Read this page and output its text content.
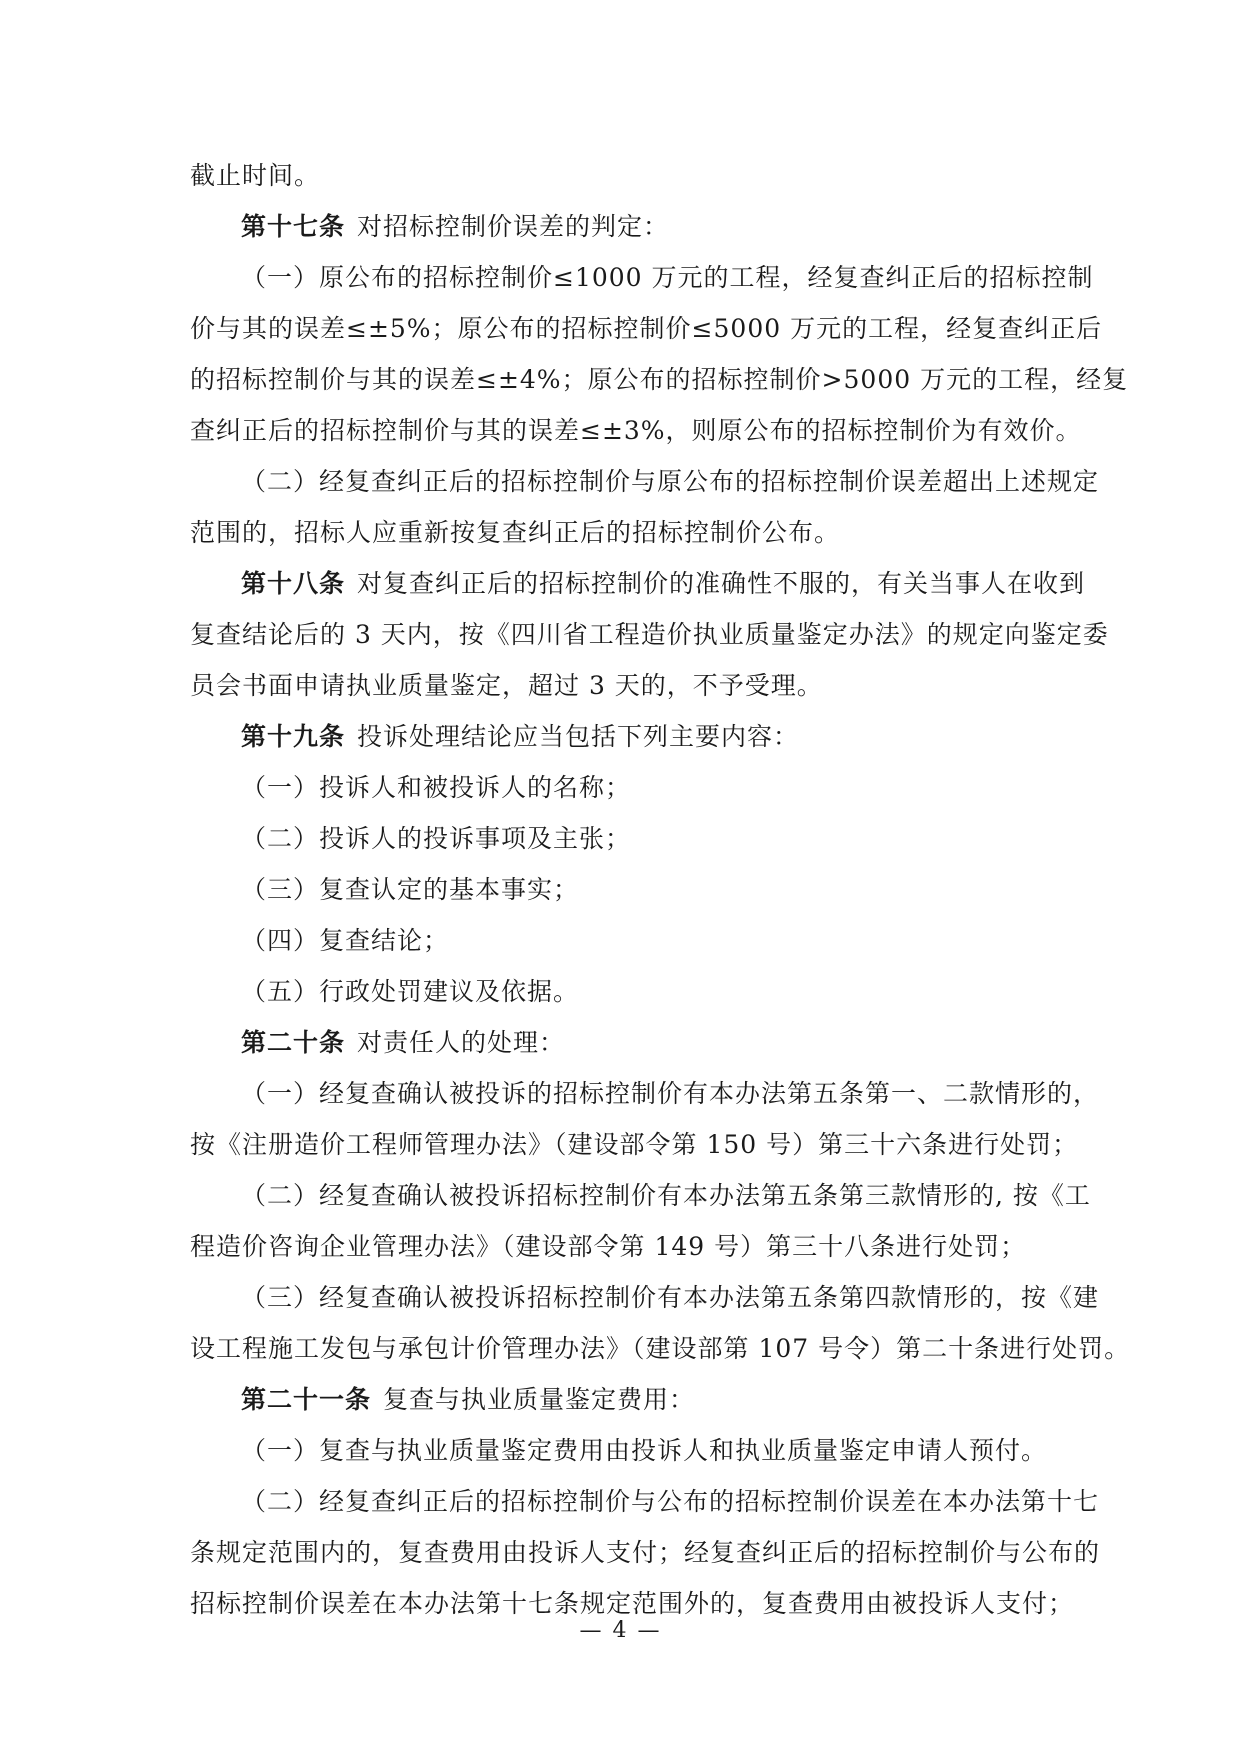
截止时间。
第十七条 对招标控制价误差的判定：
（一）原公布的招标控制价≤1000 万元的工程，经复查纠正后的招标控制
价与其的误差≤±5%；原公布的招标控制价≤5000 万元的工程，经复查纠正后
的招标控制价与其的误差≤±4%；原公布的招标控制价>5000 万元的工程，经复
查纠正后的招标控制价与其的误差≤±3%，则原公布的招标控制价为有效价。
（二）经复查纠正后的招标控制价与原公布的招标控制价误差超出上述规定
范围的，招标人应重新按复查纠正后的招标控制价公布。
第十八条 对复查纠正后的招标控制价的准确性不服的，有关当事人在收到
复查结论后的 3 天内，按《四川省工程造价执业质量鉴定办法》的规定向鉴定委
员会书面申请执业质量鉴定，超过 3 天的，不予受理。
第十九条 投诉处理结论应当包括下列主要内容：
（一）投诉人和被投诉人的名称；
（二）投诉人的投诉事项及主张；
（三）复查认定的基本事实；
（四）复查结论；
（五）行政处罚建议及依据。
第二十条 对责任人的处理：
（一）经复查确认被投诉的招标控制价有本办法第五条第一、二款情形的，
按《注册造价工程师管理办法》（建设部令第 150 号）第三十六条进行处罚；
（二）经复查确认被投诉招标控制价有本办法第五条第三款情形的, 按《工
程造价咨询企业管理办法》（建设部令第 149 号）第三十八条进行处罚；
（三）经复查确认被投诉招标控制价有本办法第五条第四款情形的，按《建
设工程施工发包与承包计价管理办法》（建设部第 107 号令）第二十条进行处罚。
第二十一条 复查与执业质量鉴定费用：
（一）复查与执业质量鉴定费用由投诉人和执业质量鉴定申请人预付。
（二）经复查纠正后的招标控制价与公布的招标控制价误差在本办法第十七
条规定范围内的，复查费用由投诉人支付；经复查纠正后的招标控制价与公布的
招标控制价误差在本办法第十七条规定范围外的，复查费用由被投诉人支付；
— 4 —
